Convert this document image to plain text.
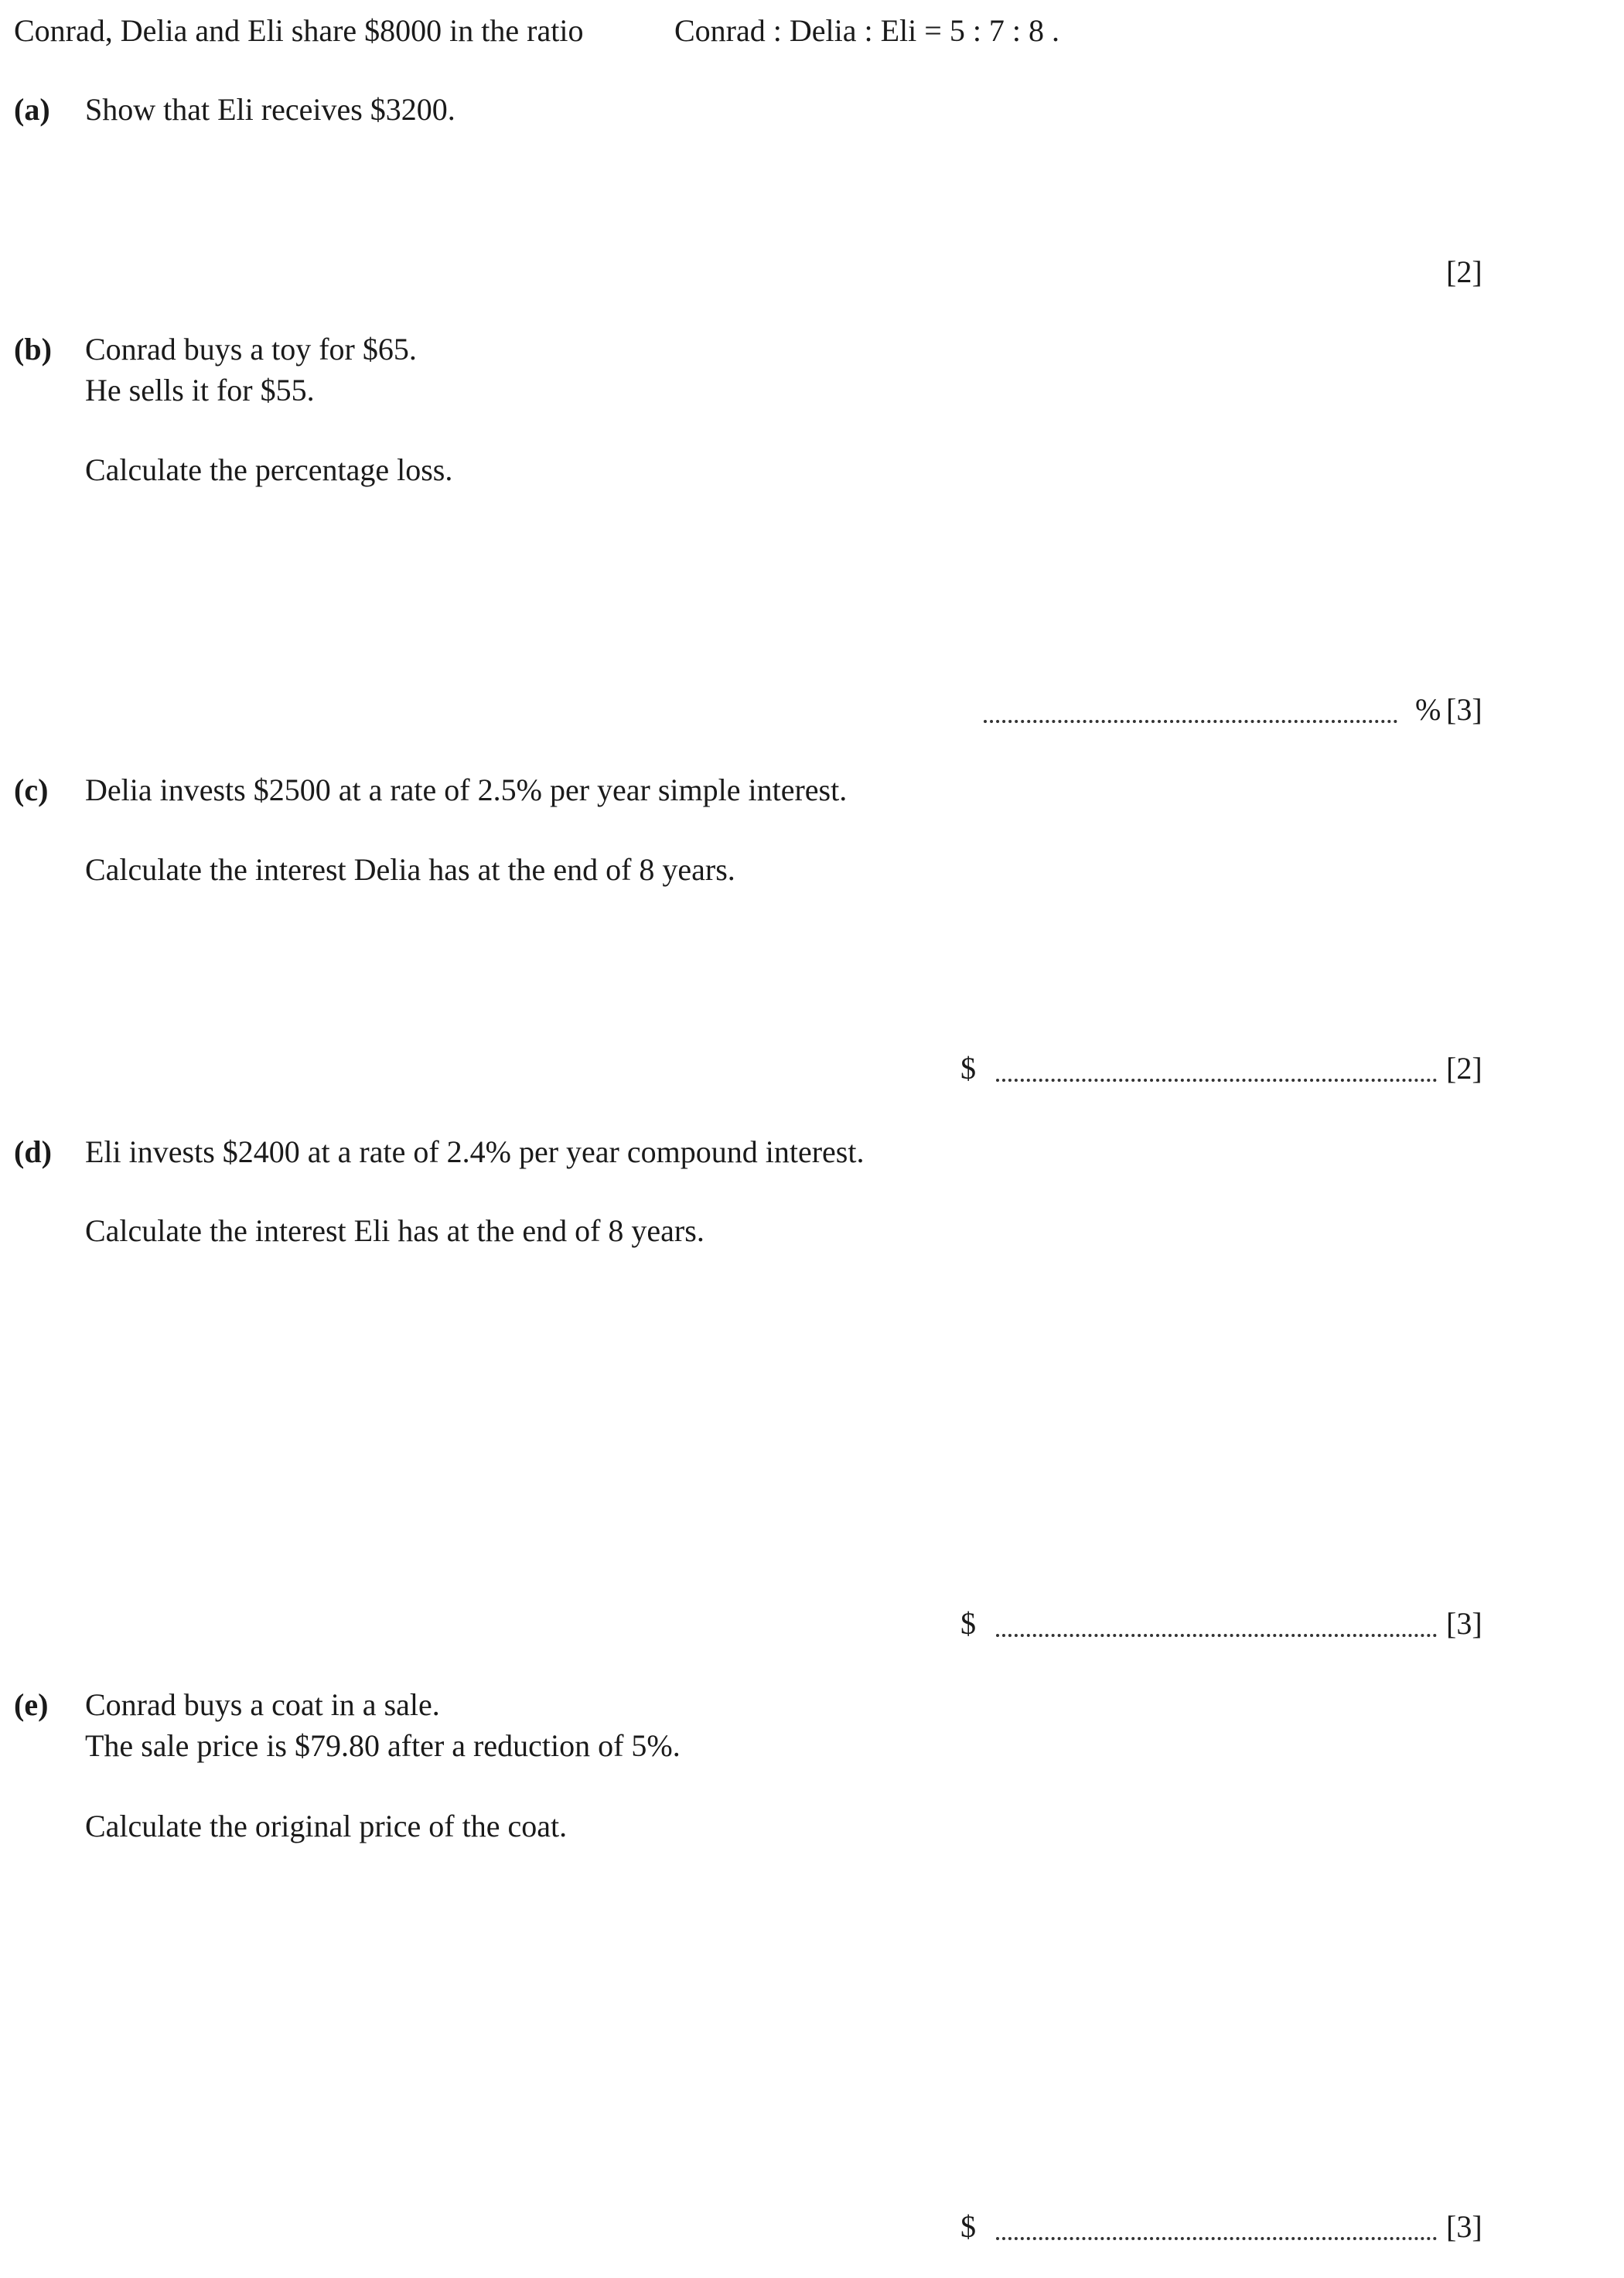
Conrad, Delia and Eli share $8000 in the ratio	Conrad : Delia : Eli = 5 : 7 : 8 .
(a) Show that Eli receives $3200.
[2]
(b) Conrad buys a toy for $65.
He sells it for $55.
Calculate the percentage loss.
% [3]
(c) Delia invests $2500 at a rate of 2.5% per year simple interest.
Calculate the interest Delia has at the end of 8 years.
$	[2]
(d) Eli invests $2400 at a rate of 2.4% per year compound interest.
Calculate the interest Eli has at the end of 8 years.
$	[3]
(e) Conrad buys a coat in a sale.
The sale price is $79.80 after a reduction of 5%.
Calculate the original price of the coat.
$	[3]
